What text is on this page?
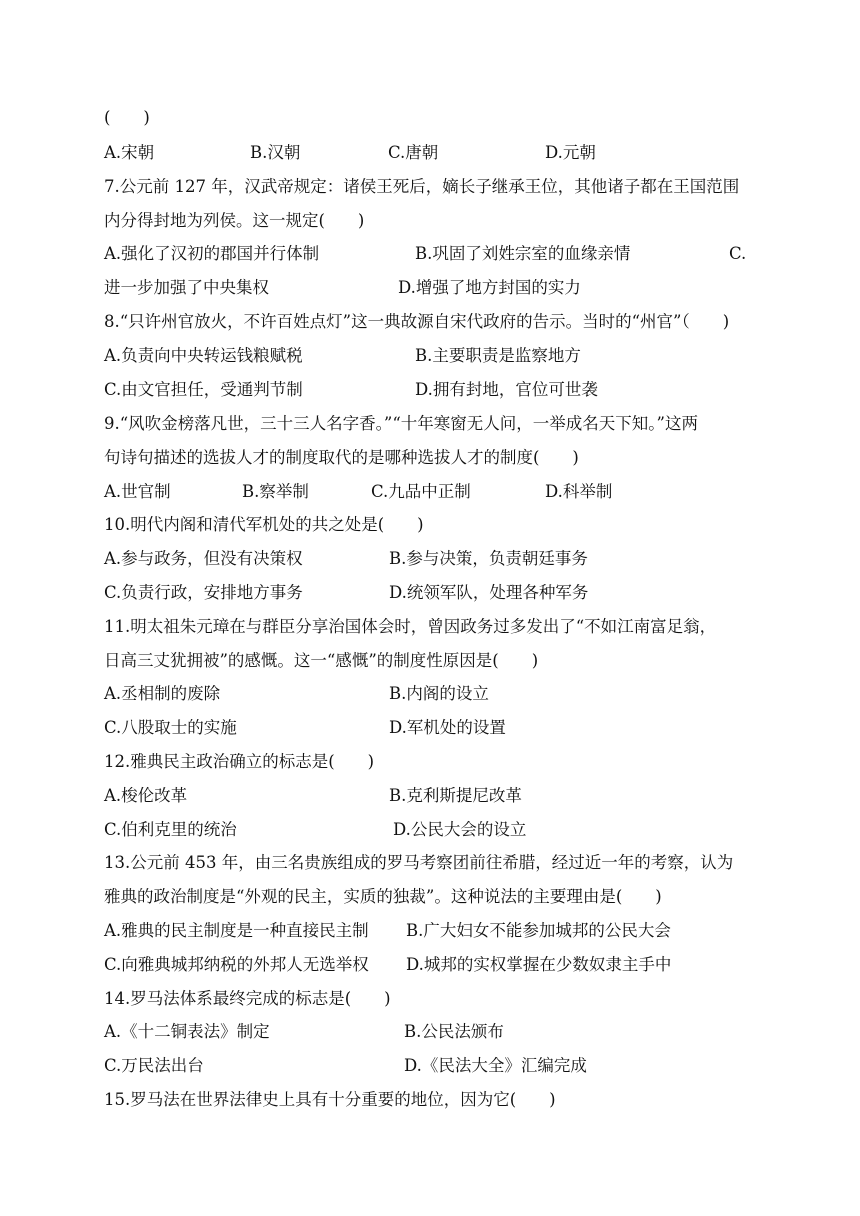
(　　)
A.宋朝	B.汉朝	C.唐朝	D.元朝
7.公元前 127 年，汉武帝规定：诸侯王死后，嫡长子继承王位，其他诸子都在王国范围
内分得封地为列侯。这一规定(　　)
A.强化了汉初的郡国并行体制	B.巩固了刘姓宗室的血缘亲情	C.
进一步加强了中央集权	D.增强了地方封国的实力
8.“只许州官放火，不许百姓点灯”这一典故源自宋代政府的告示。当时的“州官”（　　)
A.负责向中央转运钱粮赋税	B.主要职责是监察地方
C.由文官担任，受通判节制	D.拥有封地，官位可世袭
9.“风吹金榜落凡世，三十三人名字香。”“十年寒窗无人问，一举成名天下知。”这两
句诗句描述的选拔人才的制度取代的是哪种选拔人才的制度(　　)
A.世官制	B.察举制	C.九品中正制	D.科举制
10.明代内阁和清代军机处的共之处是(　　)
A.参与政务，但没有决策权	B.参与决策，负责朝廷事务
C.负责行政，安排地方事务	D.统领军队，处理各种军务
11.明太祖朱元璋在与群臣分享治国体会时，曾因政务过多发出了“不如江南富足翁，
日高三丈犹拥被”的感慨。这一“感慨”的制度性原因是(　　)
A.丞相制的废除	B.内阁的设立
C.八股取士的实施	D.军机处的设置
12.雅典民主政治确立的标志是(　　)
A.梭伦改革	B.克利斯提尼改革
C.伯利克里的统治	D.公民大会的设立
13.公元前 453 年，由三名贵族组成的罗马考察团前往希腊，经过近一年的考察，认为
雅典的政治制度是“外观的民主，实质的独裁”。这种说法的主要理由是(　　)
A.雅典的民主制度是一种直接民主制 B.广大妇女不能参加城邦的公民大会
C.向雅典城邦纳税的外邦人无选举权 D.城邦的实权掌握在少数奴隶主手中
14.罗马法体系最终完成的标志是(　　)
A.《十二铜表法》制定	B.公民法颁布
C.万民法出台	D.《民法大全》汇编完成
15.罗马法在世界法律史上具有十分重要的地位，因为它(　　)
